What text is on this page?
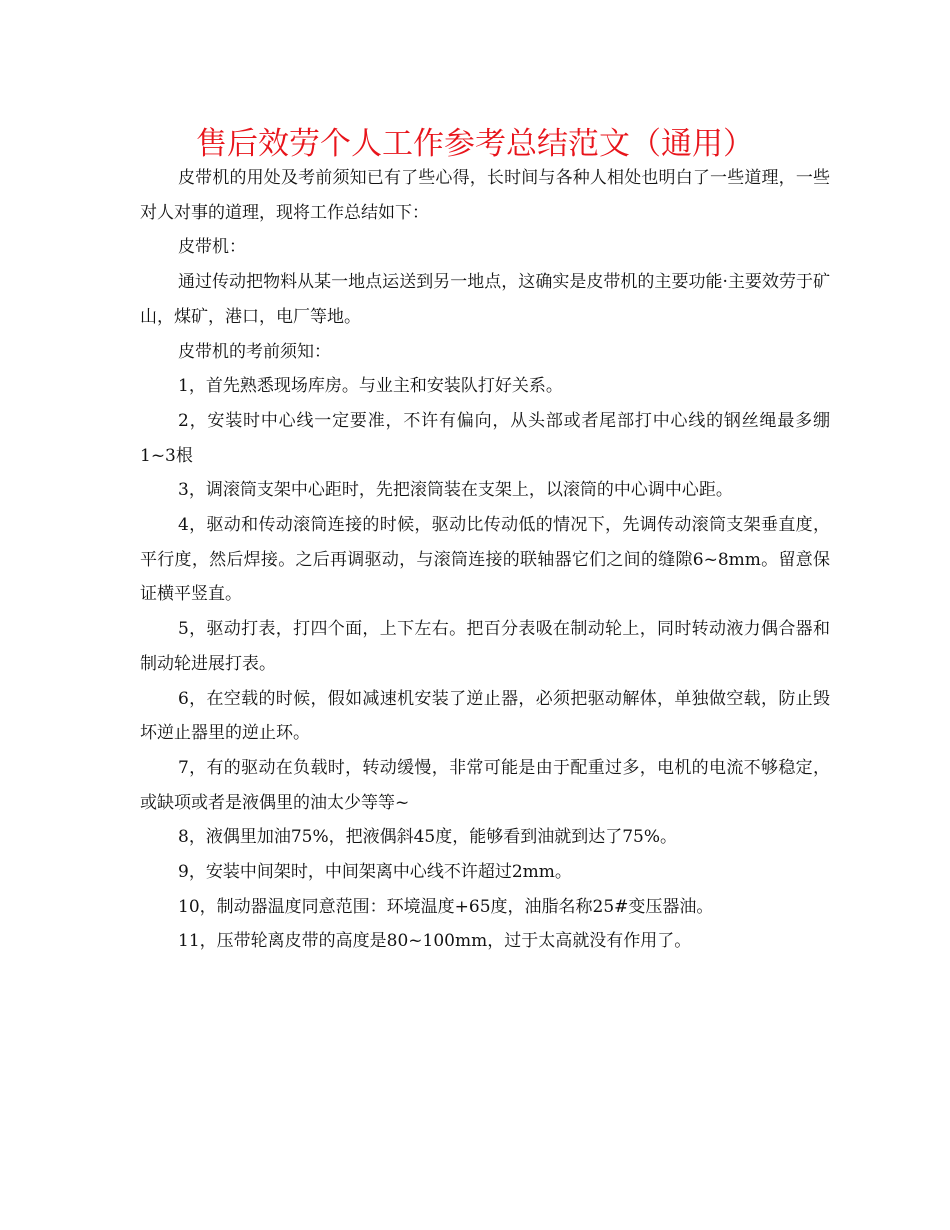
售后效劳个人工作参考总结范文（通用）

皮带机的用处及考前须知已有了些心得，长时间与各种人相处也明白了一些道理，一些对人对事的道理，现将工作总结如下：

皮带机：

通过传动把物料从某一地点运送到另一地点，这确实是皮带机的主要功能·主要效劳于矿山，煤矿，港口，电厂等地。

皮带机的考前须知：

1，首先熟悉现场库房。与业主和安装队打好关系。

2，安装时中心线一定要准，不许有偏向，从头部或者尾部打中心线的钢丝绳最多绷1~3根

3，调滚筒支架中心距时，先把滚筒装在支架上，以滚筒的中心调中心距。

4，驱动和传动滚筒连接的时候，驱动比传动低的情况下，先调传动滚筒支架垂直度，平行度，然后焊接。之后再调驱动，与滚筒连接的联轴器它们之间的缝隙6~8mm。留意保证横平竖直。

5，驱动打表，打四个面，上下左右。把百分表吸在制动轮上，同时转动液力偶合器和制动轮进展打表。

6，在空载的时候，假如减速机安装了逆止器，必须把驱动解体，单独做空载，防止毁坏逆止器里的逆止环。

7，有的驱动在负载时，转动缓慢，非常可能是由于配重过多，电机的电流不够稳定，或缺项或者是液偶里的油太少等等~

8，液偶里加油75%，把液偶斜45度，能够看到油就到达了75%。

9，安装中间架时，中间架离中心线不许超过2mm。

10，制动器温度同意范围：环境温度+65度，油脂名称25#变压器油。

11，压带轮离皮带的高度是80~100mm，过于太高就没有作用了。
